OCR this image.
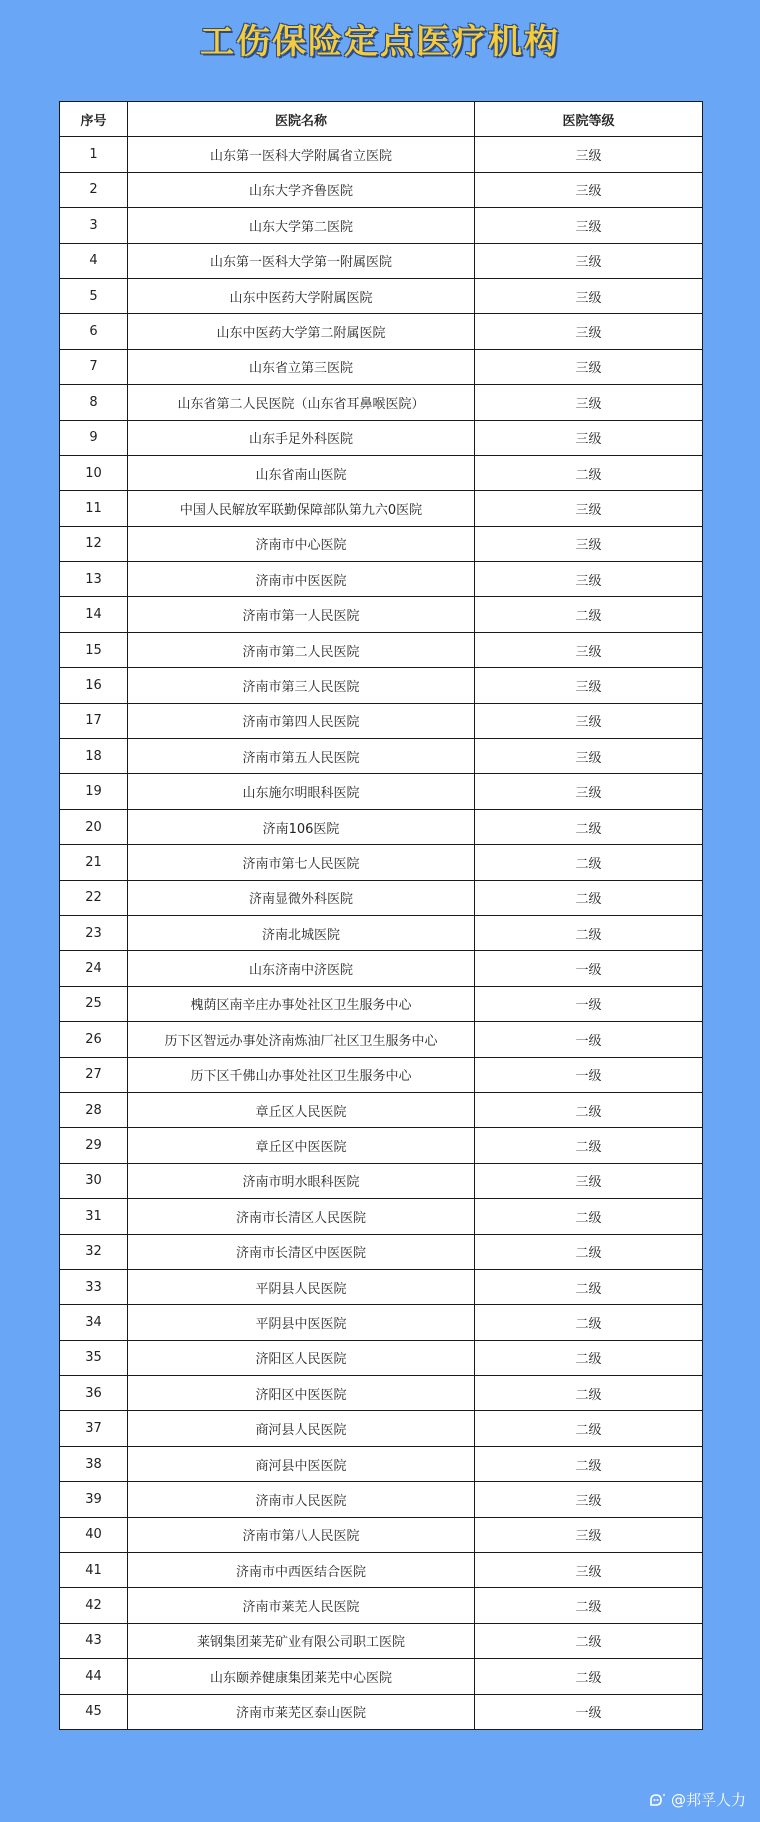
工伤保险定点医疗机构
序号	医院名称	医院等级
1	山东第一医科大学附属省立医院	三级
2	山东大学齐鲁医院	三级
3	山东大学第二医院	三级
4	山东第一医科大学第一附属医院	三级
5	山东中医药大学附属医院	三级
6	山东中医药大学第二附属医院	三级
7	山东省立第三医院	三级
8	山东省第二人民医院（山东省耳鼻喉医院）	三级
9	山东手足外科医院	三级
10	山东省南山医院	二级
11	中国人民解放军联勤保障部队第九六0医院	三级
12	济南市中心医院	三级
13	济南市中医医院	三级
14	济南市第一人民医院	二级
15	济南市第二人民医院	三级
16	济南市第三人民医院	三级
17	济南市第四人民医院	三级
18	济南市第五人民医院	三级
19	山东施尔明眼科医院	三级
20	济南106医院	二级
21	济南市第七人民医院	二级
22	济南显微外科医院	二级
23	济南北城医院	二级
24	山东济南中济医院	一级
25	槐荫区南辛庄办事处社区卫生服务中心	一级
26	历下区智远办事处济南炼油厂社区卫生服务中心	一级
27	历下区千佛山办事处社区卫生服务中心	一级
28	章丘区人民医院	二级
29	章丘区中医医院	二级
30	济南市明水眼科医院	三级
31	济南市长清区人民医院	二级
32	济南市长清区中医医院	二级
33	平阴县人民医院	二级
34	平阴县中医医院	二级
35	济阳区人民医院	二级
36	济阳区中医医院	二级
37	商河县人民医院	二级
38	商河县中医医院	二级
39	济南市人民医院	三级
40	济南市第八人民医院	三级
41	济南市中西医结合医院	三级
42	济南市莱芜人民医院	二级
43	莱钢集团莱芜矿业有限公司职工医院	二级
44	山东颐养健康集团莱芜中心医院	二级
45	济南市莱芜区泰山医院	一级
@邦孚人力
